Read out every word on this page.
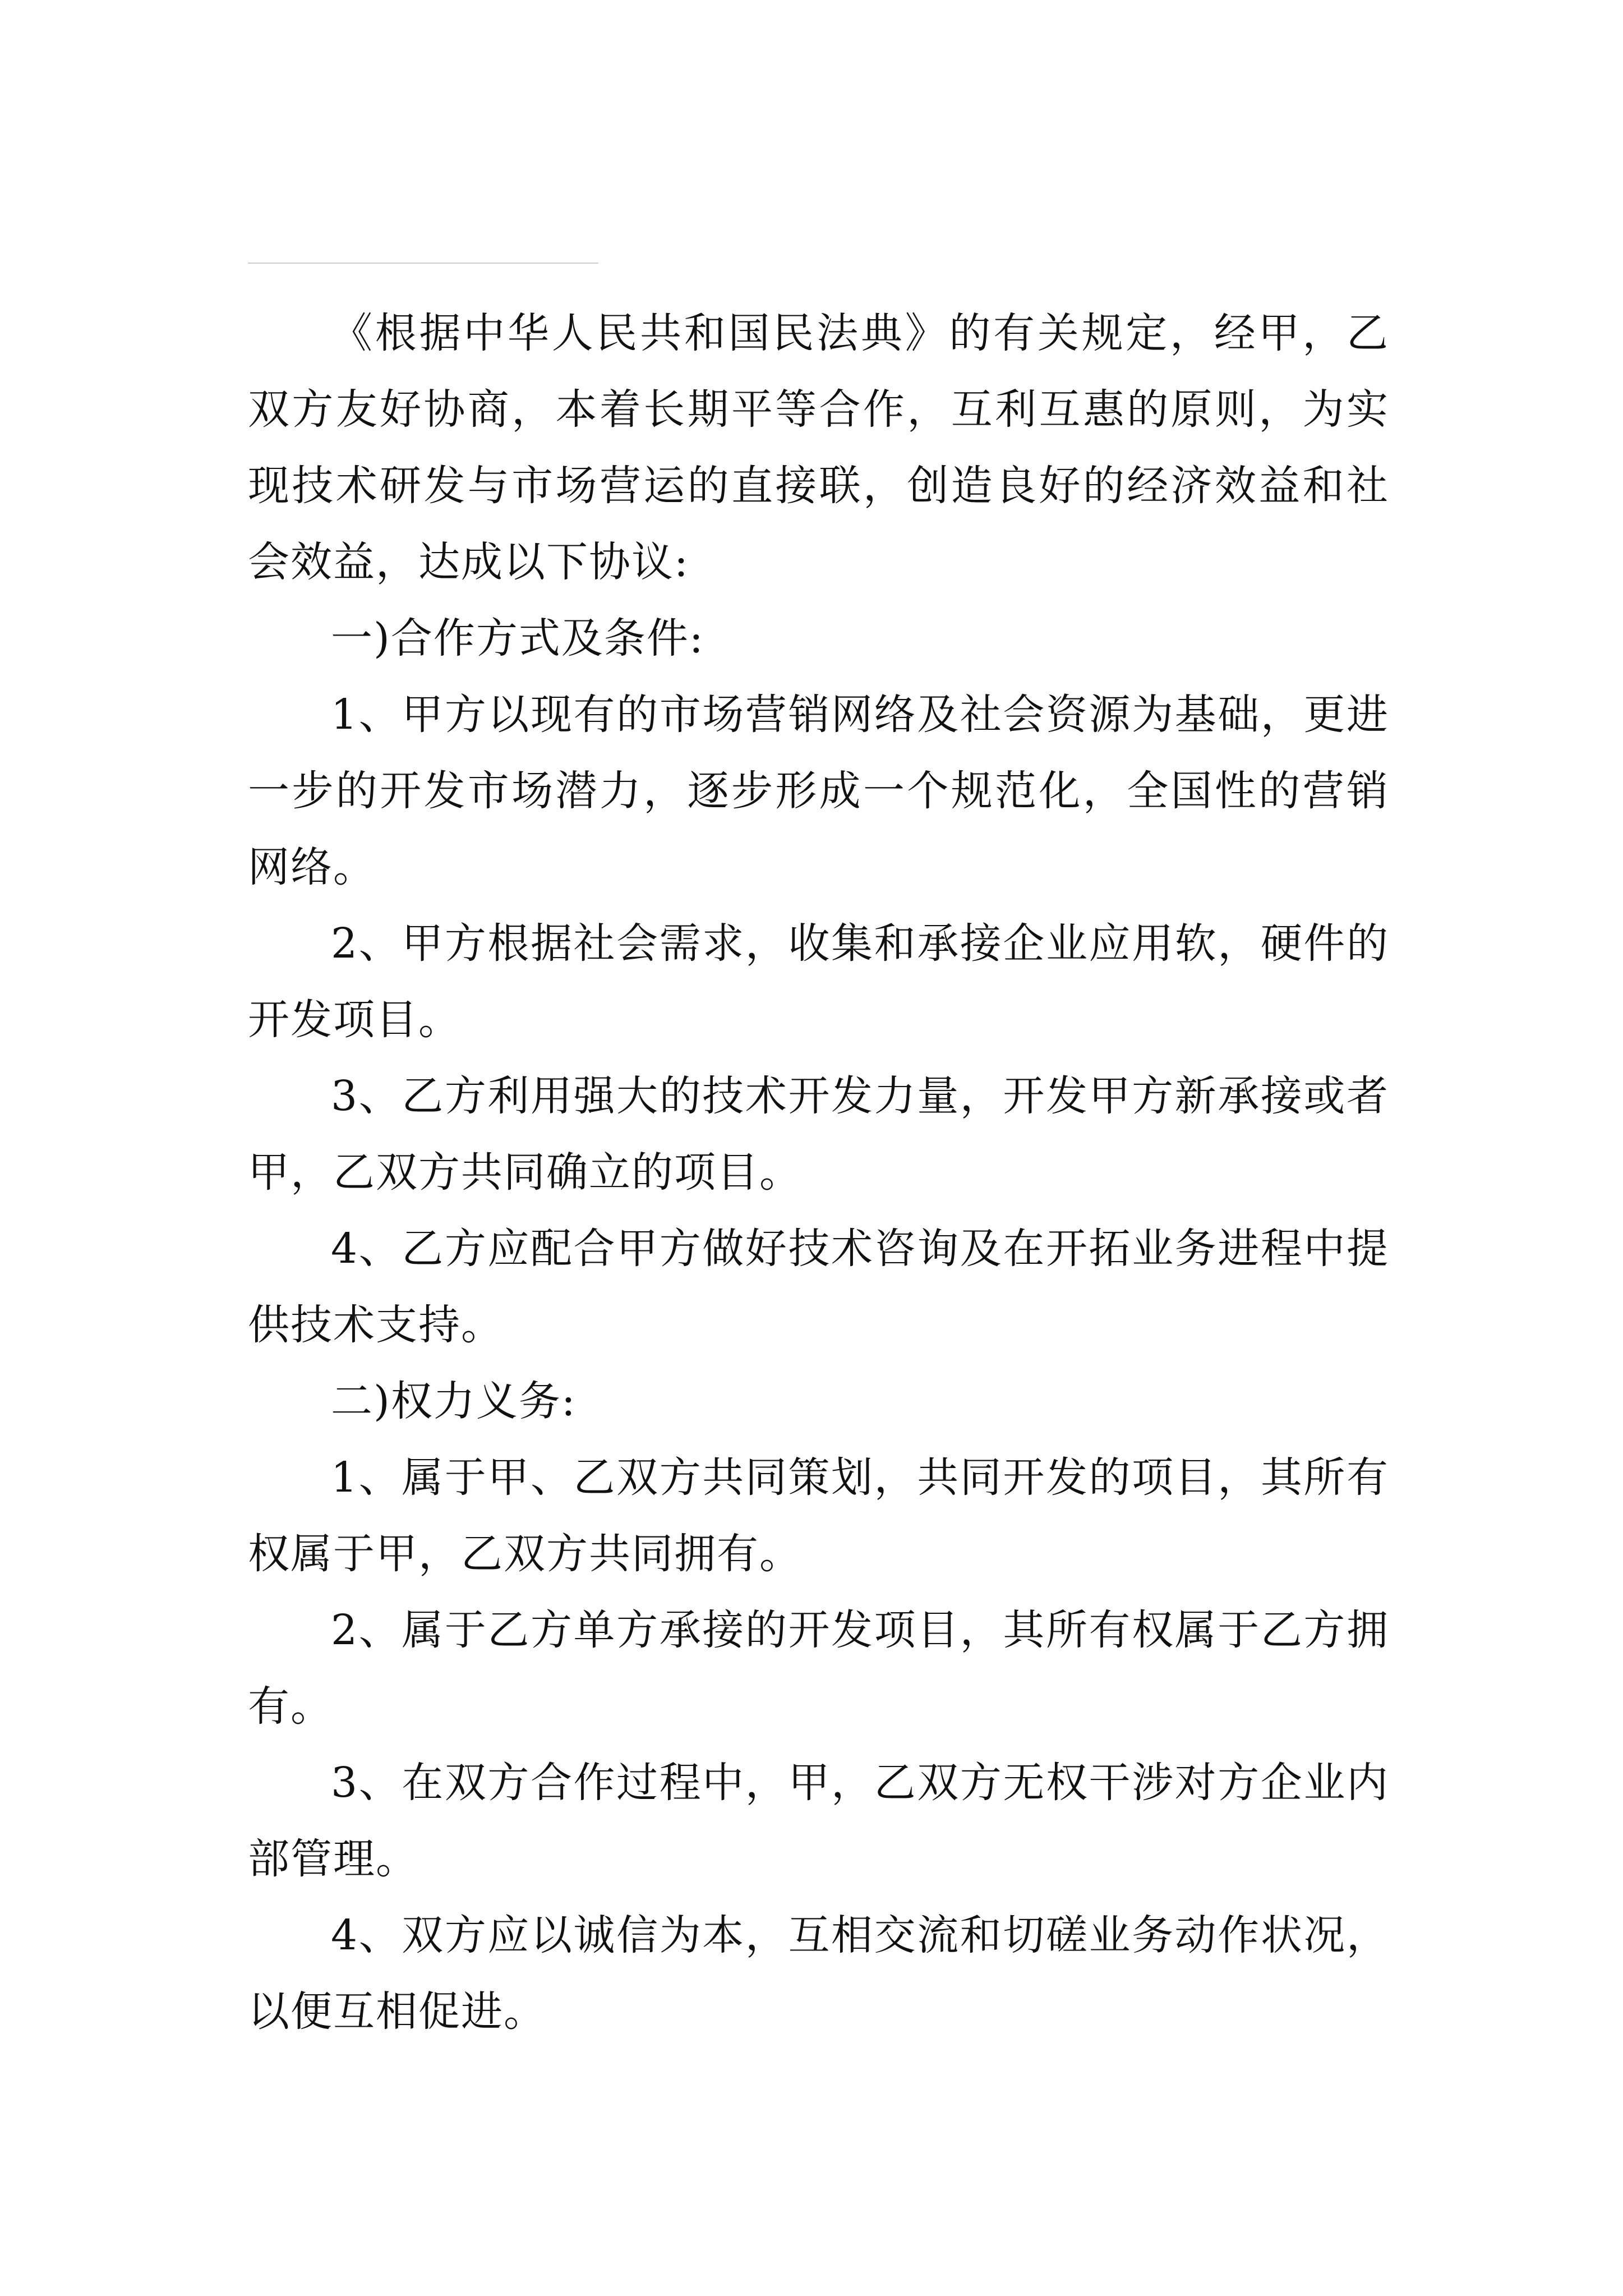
《根据中华人民共和国民法典》的有关规定，经甲，乙双方友好协商，本着长期平等合作，互利互惠的原则，为实现技术研发与市场营运的直接联，创造良好的经济效益和社会效益，达成以下协议:

一)合作方式及条件:

1、甲方以现有的市场营销网络及社会资源为基础，更进一步的开发市场潜力，逐步形成一个规范化，全国性的营销网络。

2、甲方根据社会需求，收集和承接企业应用软，硬件的开发项目。

3、乙方利用强大的技术开发力量，开发甲方新承接或者甲，乙双方共同确立的项目。

4、乙方应配合甲方做好技术咨询及在开拓业务进程中提供技术支持。

二)权力义务:

1、属于甲、乙双方共同策划，共同开发的项目，其所有权属于甲，乙双方共同拥有。

2、属于乙方单方承接的开发项目，其所有权属于乙方拥有。

3、在双方合作过程中，甲，乙双方无权干涉对方企业内部管理。

4、双方应以诚信为本，互相交流和切磋业务动作状况，以便互相促进。
